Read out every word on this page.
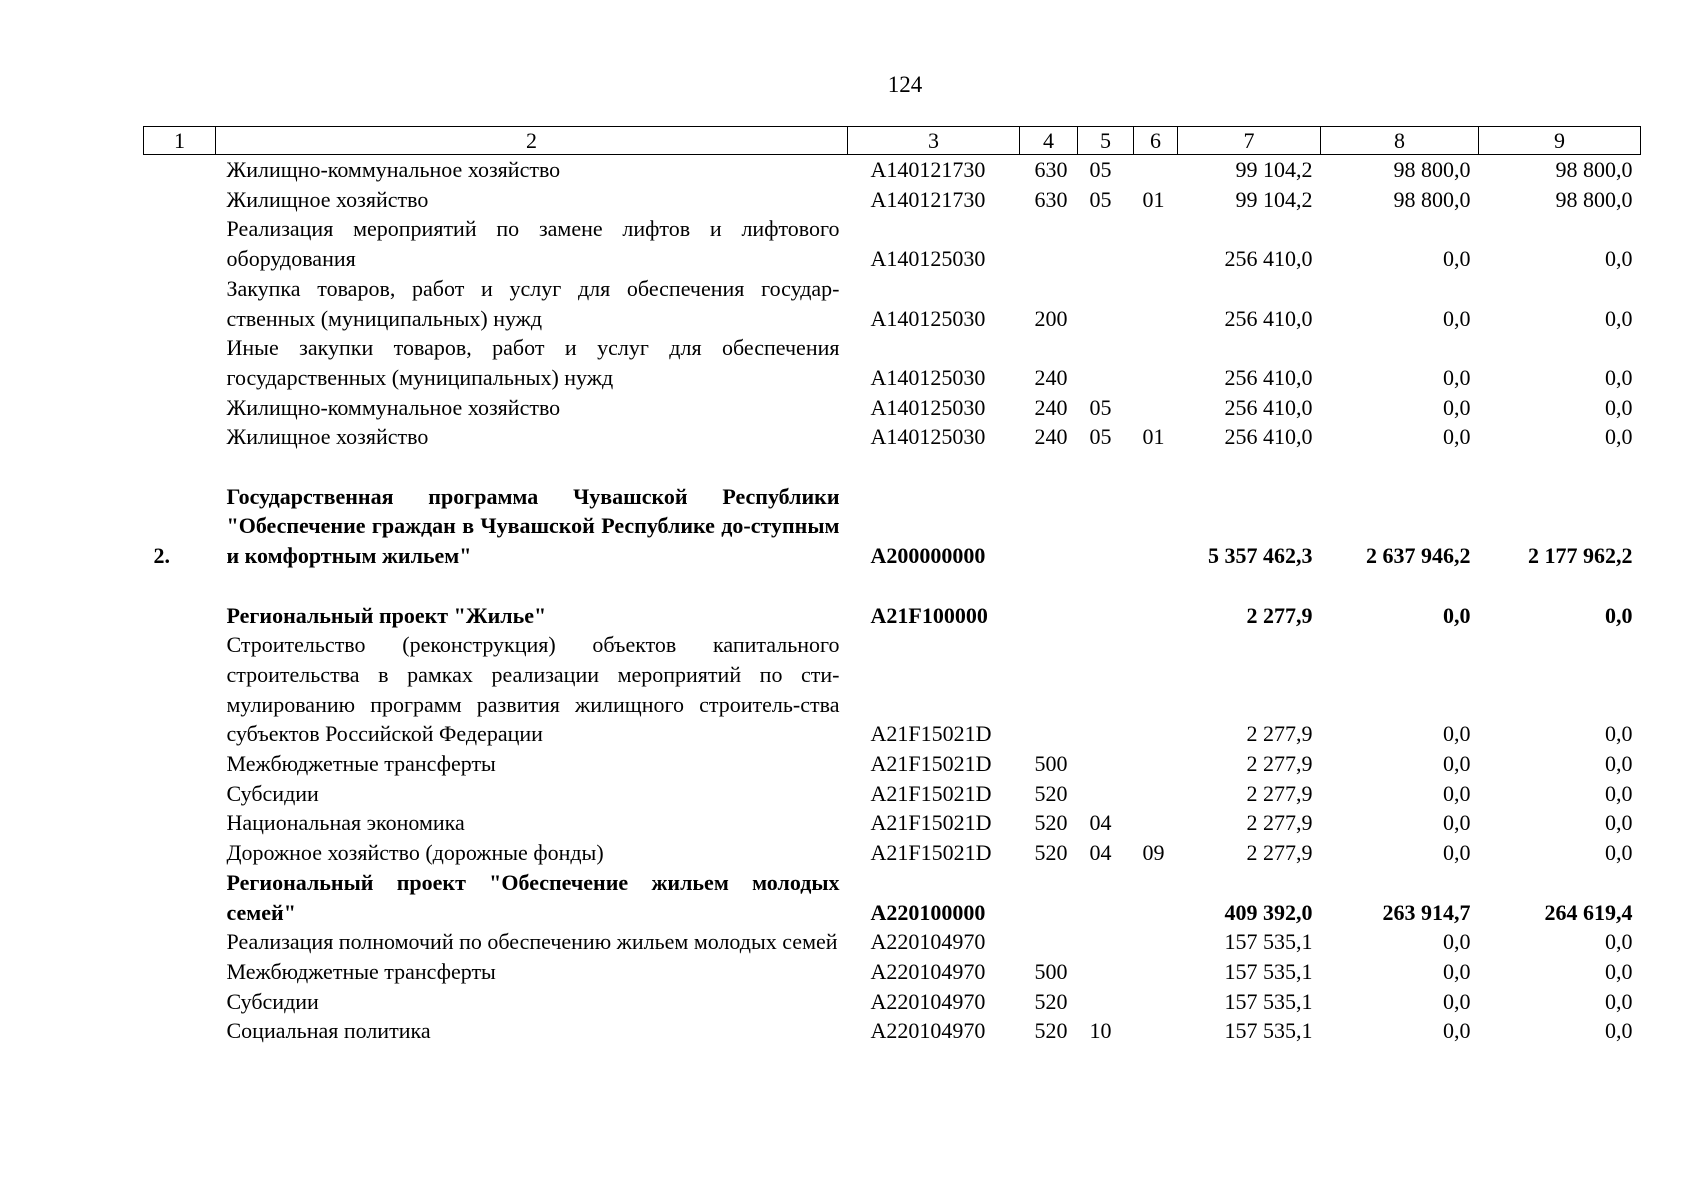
124
1	2	3	4	5	6	7	8	9
	Жилищно-коммунальное хозяйство	А140121730	630	05		99 104,2	98 800,0	98 800,0
	Жилищное хозяйство	А140121730	630	05	01	99 104,2	98 800,0	98 800,0
	Реализация мероприятий по замене лифтов и лифтового оборудования	А140125030				256 410,0	0,0	0,0
	Закупка товаров, работ и услуг для обеспечения государ-ственных (муниципальных) нужд	А140125030	200			256 410,0	0,0	0,0
	Иные закупки товаров, работ и услуг для обеспечения государственных (муниципальных) нужд	А140125030	240			256 410,0	0,0	0,0
	Жилищно-коммунальное хозяйство	А140125030	240	05		256 410,0	0,0	0,0
	Жилищное хозяйство	А140125030	240	05	01	256 410,0	0,0	0,0

2.	Государственная программа Чувашской Республики "Обеспечение граждан в Чувашской Республике до-ступным и комфортным жильем"	А200000000				5 357 462,3	2 637 946,2	2 177 962,2

	Региональный проект "Жилье"	А21F100000				2 277,9	0,0	0,0
	Строительство (реконструкция) объектов капитального строительства в рамках реализации мероприятий по сти-мулированию программ развития жилищного строитель-ства субъектов Российской Федерации	А21F15021D				2 277,9	0,0	0,0
	Межбюджетные трансферты	А21F15021D	500			2 277,9	0,0	0,0
	Субсидии	А21F15021D	520			2 277,9	0,0	0,0
	Национальная экономика	А21F15021D	520	04		2 277,9	0,0	0,0
	Дорожное хозяйство (дорожные фонды)	А21F15021D	520	04	09	2 277,9	0,0	0,0
	Региональный проект "Обеспечение жильем молодых семей"	А220100000				409 392,0	263 914,7	264 619,4
	Реализация полномочий по обеспечению жильем молодых семей	А220104970				157 535,1	0,0	0,0
	Межбюджетные трансферты	А220104970	500			157 535,1	0,0	0,0
	Субсидии	А220104970	520			157 535,1	0,0	0,0
	Социальная политика	А220104970	520	10		157 535,1	0,0	0,0
